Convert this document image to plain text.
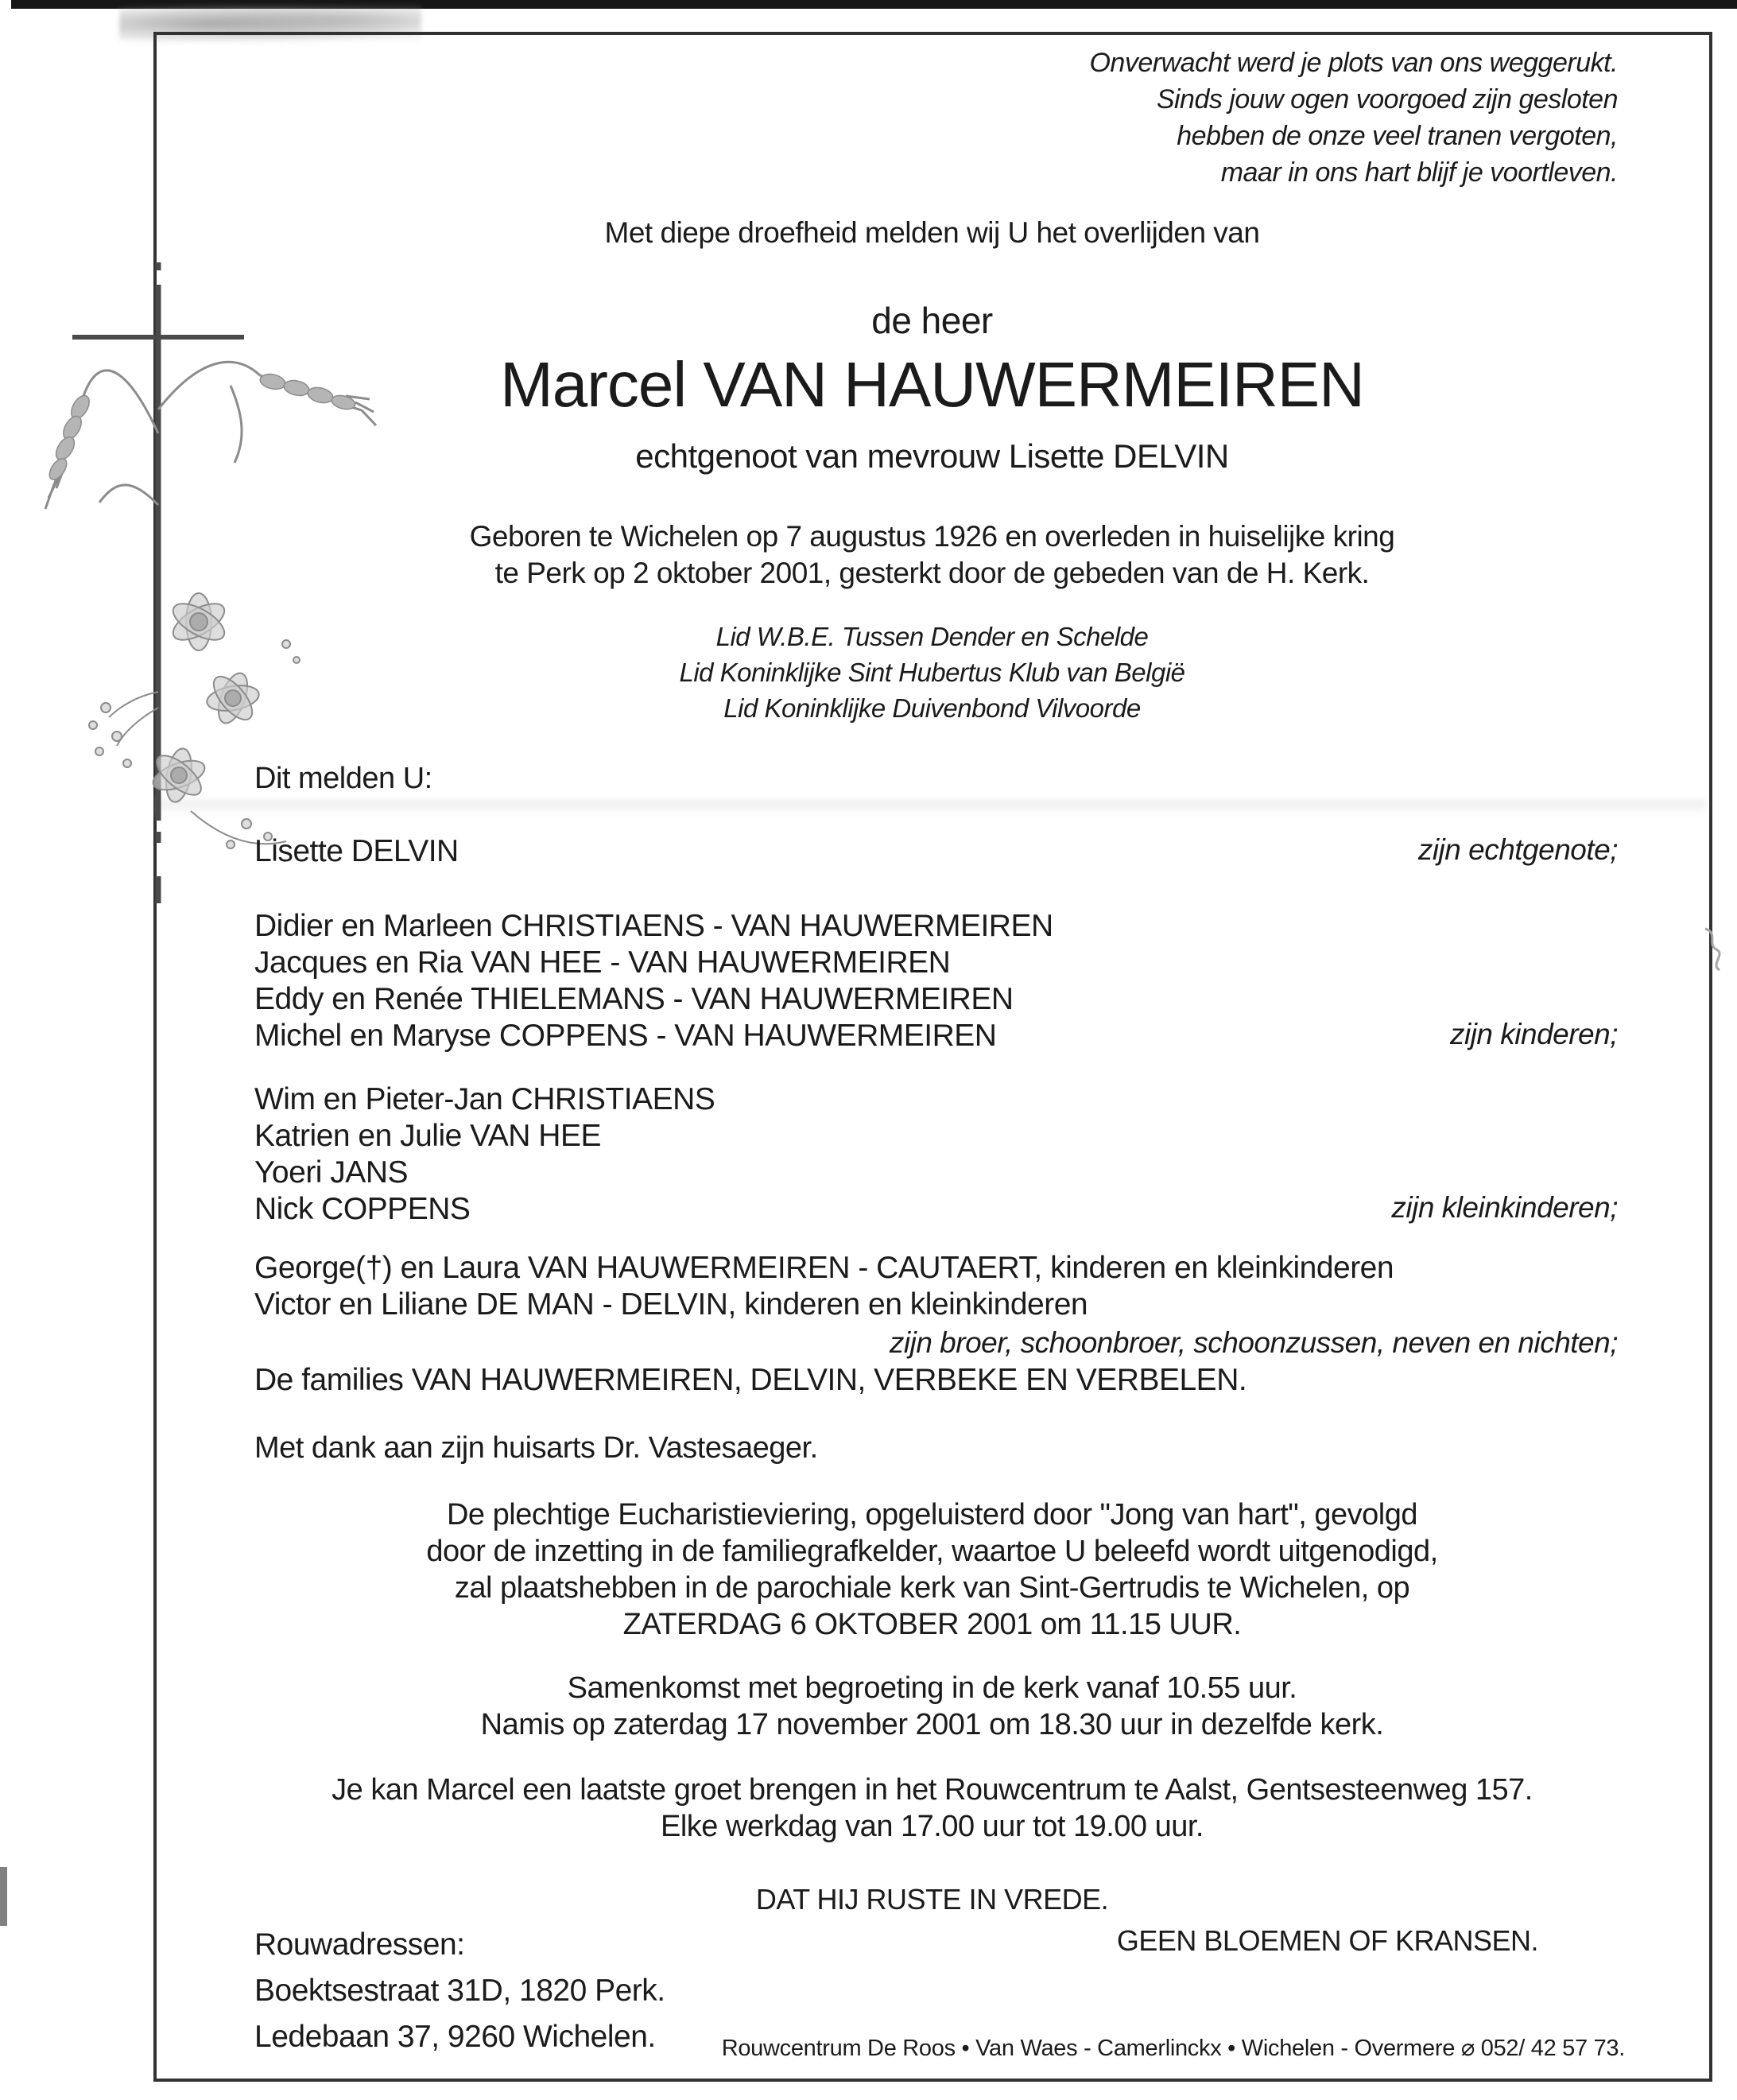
Onverwacht werd je plots van ons weggerukt.
Sinds jouw ogen voorgoed zijn gesloten
hebben de onze veel tranen vergoten,
maar in ons hart blijf je voortleven.
Met diepe droefheid melden wij U het overlijden van
de heer
Marcel VAN HAUWERMEIREN
echtgenoot van mevrouw Lisette DELVIN
Geboren te Wichelen op 7 augustus 1926 en overleden in huiselijke kring
te Perk op 2 oktober 2001, gesterkt door de gebeden van de H. Kerk.
Lid W.B.E. Tussen Dender en Schelde
Lid Koninklijke Sint Hubertus Klub van België
Lid Koninklijke Duivenbond Vilvoorde
Dit melden U:
Lisette DELVIN	zijn echtgenote;
Didier en Marleen CHRISTIAENS - VAN HAUWERMEIREN
Jacques en Ria VAN HEE - VAN HAUWERMEIREN
Eddy en Renée THIELEMANS - VAN HAUWERMEIREN
Michel en Maryse COPPENS - VAN HAUWERMEIREN	zijn kinderen;
Wim en Pieter-Jan CHRISTIAENS
Katrien en Julie VAN HEE
Yoeri JANS
Nick COPPENS	zijn kleinkinderen;
George(†) en Laura VAN HAUWERMEIREN - CAUTAERT, kinderen en kleinkinderen
Victor en Liliane DE MAN - DELVIN, kinderen en kleinkinderen
zijn broer, schoonbroer, schoonzussen, neven en nichten;
De families VAN HAUWERMEIREN, DELVIN, VERBEKE EN VERBELEN.
Met dank aan zijn huisarts Dr. Vastesaeger.
De plechtige Eucharistieviering, opgeluisterd door "Jong van hart", gevolgd
door de inzetting in de familiegrafkelder, waartoe U beleefd wordt uitgenodigd,
zal plaatshebben in de parochiale kerk van Sint-Gertrudis te Wichelen, op
ZATERDAG 6 OKTOBER 2001 om 11.15 UUR.
Samenkomst met begroeting in de kerk vanaf 10.55 uur.
Namis op zaterdag 17 november 2001 om 18.30 uur in dezelfde kerk.
Je kan Marcel een laatste groet brengen in het Rouwcentrum te Aalst, Gentsesteenweg 157.
Elke werkdag van 17.00 uur tot 19.00 uur.
DAT HIJ RUSTE IN VREDE.
GEEN BLOEMEN OF KRANSEN.
Rouwadressen:
Boektsestraat 31D, 1820 Perk.
Ledebaan 37, 9260 Wichelen.	Rouwcentrum De Roos • Van Waes - Camerlinckx • Wichelen - Overmere ⌀ 052/ 42 57 73.
